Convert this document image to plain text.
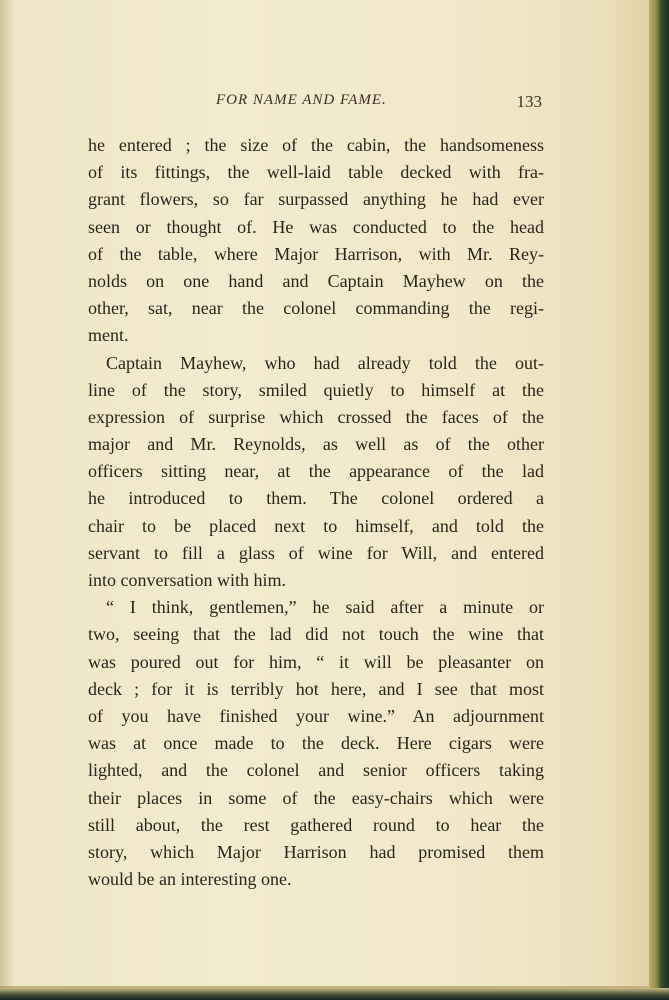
FOR NAME AND FAME.	133
he entered ; the size of the cabin, the handsomeness
of its fittings, the well-laid table decked with fra-
grant flowers, so far surpassed anything he had ever
seen or thought of. He was conducted to the head
of the table, where Major Harrison, with Mr. Rey-
nolds on one hand and Captain Mayhew on the
other, sat, near the colonel commanding the regi-
ment.
Captain Mayhew, who had already told the out-
line of the story, smiled quietly to himself at the
expression of surprise which crossed the faces of the
major and Mr. Reynolds, as well as of the other
officers sitting near, at the appearance of the lad
he introduced to them. The colonel ordered a
chair to be placed next to himself, and told the
servant to fill a glass of wine for Will, and entered
into conversation with him.
“ I think, gentlemen,” he said after a minute or
two, seeing that the lad did not touch the wine that
was poured out for him, “ it will be pleasanter on
deck ; for it is terribly hot here, and I see that most
of you have finished your wine.” An adjournment
was at once made to the deck. Here cigars were
lighted, and the colonel and senior officers taking
their places in some of the easy-chairs which were
still about, the rest gathered round to hear the
story, which Major Harrison had promised them
would be an interesting one.
